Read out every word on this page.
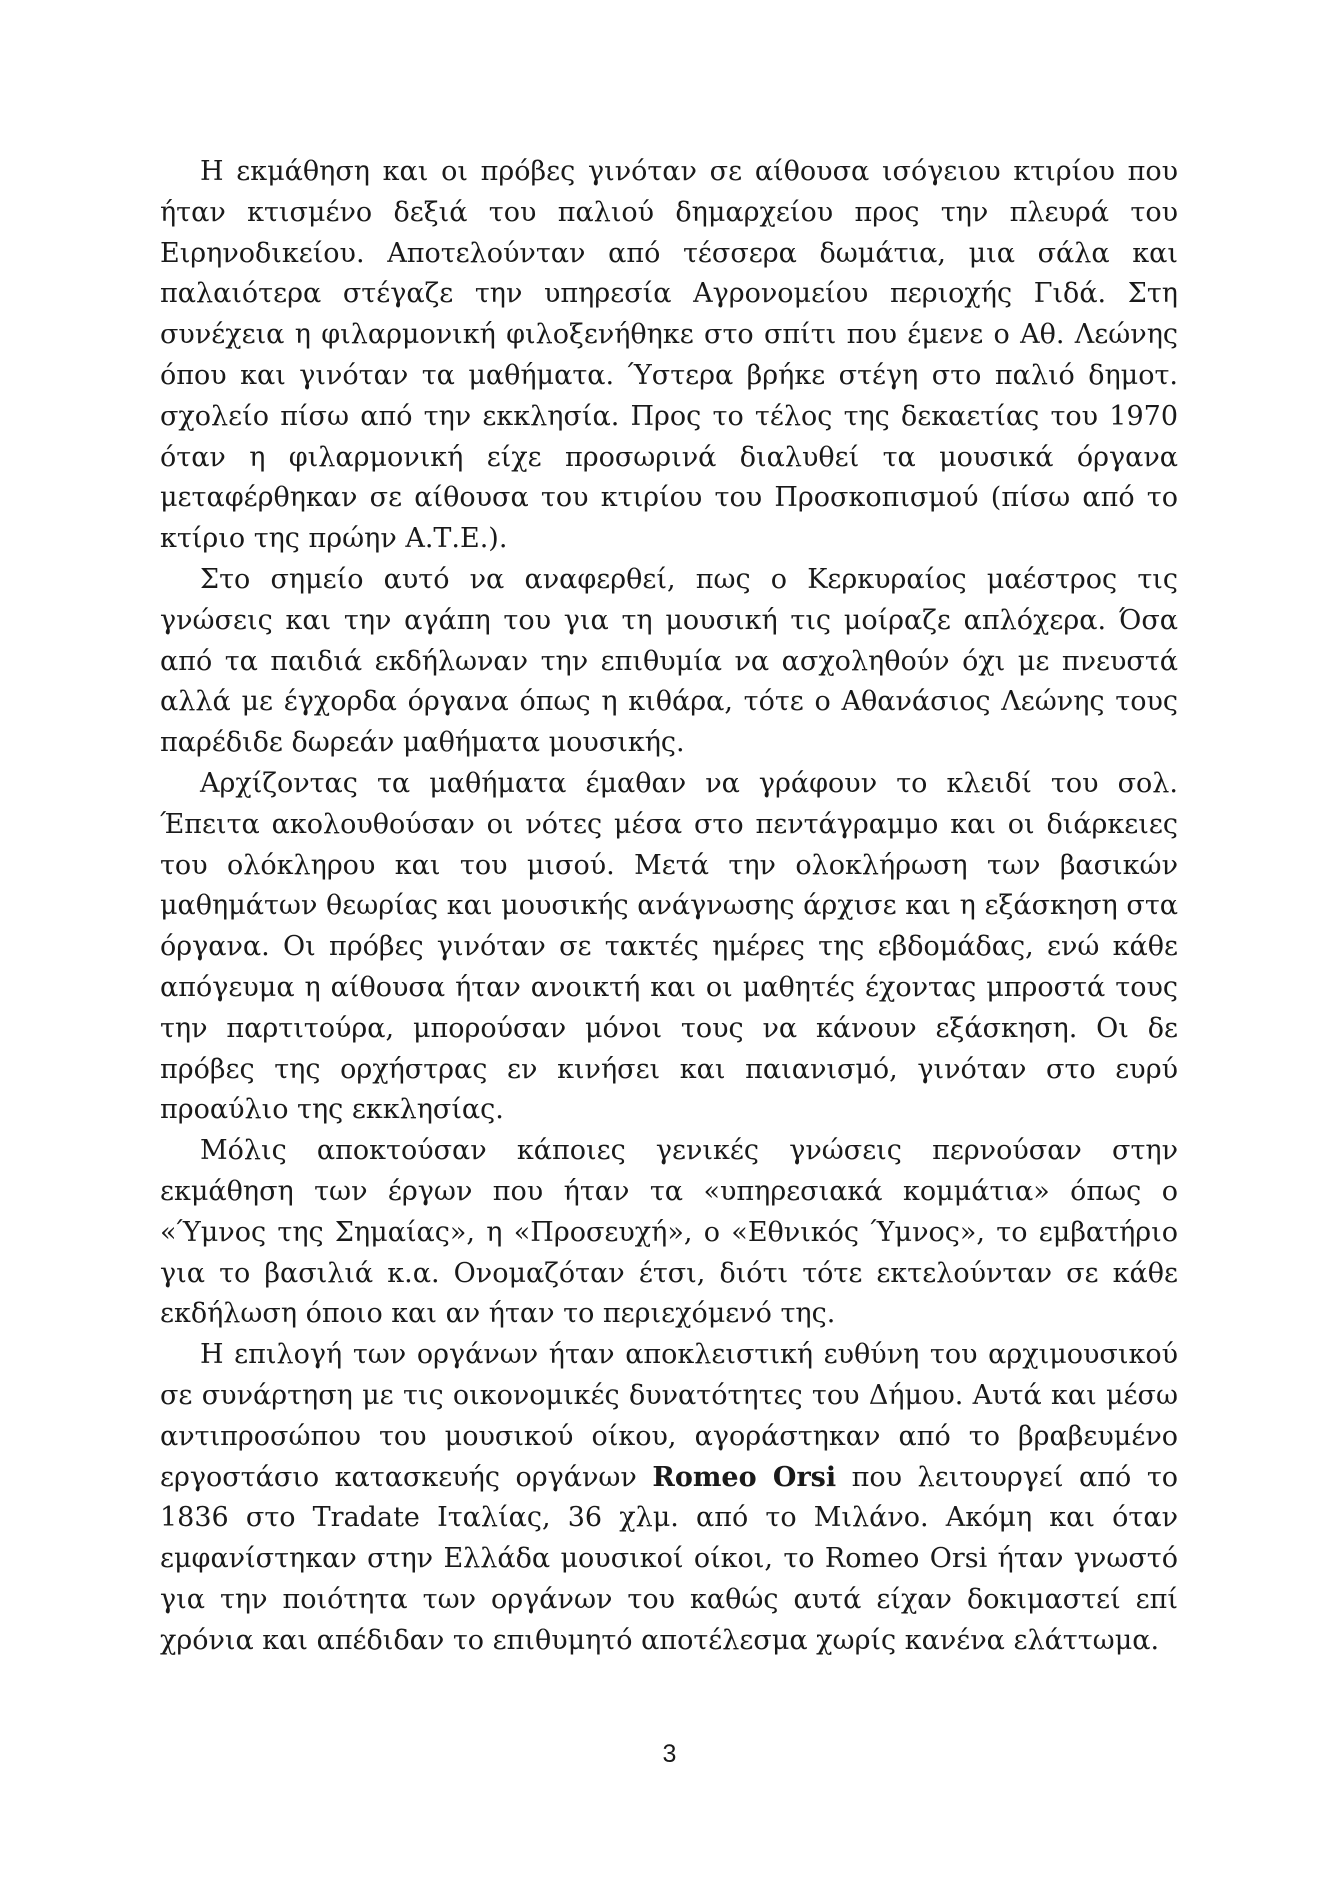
Η εκμάθηση και οι πρόβες γινόταν σε αίθουσα ισόγειου κτιρίου που ήταν κτισμένο δεξιά του παλιού δημαρχείου προς την πλευρά του Ειρηνοδικείου. Αποτελούνταν από τέσσερα δωμάτια, μια σάλα και παλαιότερα στέγαζε την υπηρεσία Αγρονομείου περιοχής Γιδά. Στη συνέχεια η φιλαρμονική φιλοξενήθηκε στο σπίτι που έμενε ο Αθ. Λεώνης όπου και γινόταν τα μαθήματα. Ύστερα βρήκε στέγη στο παλιό δημοτ. σχολείο πίσω από την εκκλησία. Προς το τέλος της δεκαετίας του 1970 όταν η φιλαρμονική είχε προσωρινά διαλυθεί τα μουσικά όργανα μεταφέρθηκαν σε αίθουσα του κτιρίου του Προσκοπισμού (πίσω από το κτίριο της πρώην Α.Τ.Ε.).

Στο σημείο αυτό να αναφερθεί, πως ο Κερκυραίος μαέστρος τις γνώσεις και την αγάπη του για τη μουσική τις μοίραζε απλόχερα. Όσα από τα παιδιά εκδήλωναν την επιθυμία να ασχοληθούν όχι με πνευστά αλλά με έγχορδα όργανα όπως η κιθάρα, τότε ο Αθανάσιος Λεώνης τους παρέδιδε δωρεάν μαθήματα μουσικής.

Αρχίζοντας τα μαθήματα έμαθαν να γράφουν το κλειδί του σολ. Έπειτα ακολουθούσαν οι νότες μέσα στο πεντάγραμμο και οι διάρκειες του ολόκληρου και του μισού. Μετά την ολοκλήρωση των βασικών μαθημάτων θεωρίας και μουσικής ανάγνωσης άρχισε και η εξάσκηση στα όργανα. Οι πρόβες γινόταν σε τακτές ημέρες της εβδομάδας, ενώ κάθε απόγευμα η αίθουσα ήταν ανοικτή και οι μαθητές έχοντας μπροστά τους την παρτιτούρα, μπορούσαν μόνοι τους να κάνουν εξάσκηση. Οι δε πρόβες της ορχήστρας εν κινήσει και παιανισμό, γινόταν στο ευρύ προαύλιο της εκκλησίας.

Μόλις αποκτούσαν κάποιες γενικές γνώσεις περνούσαν στην εκμάθηση των έργων που ήταν τα «υπηρεσιακά κομμάτια» όπως ο «Ύμνος της Σημαίας», η «Προσευχή», ο «Εθνικός Ύμνος», το εμβατήριο για το βασιλιά κ.α. Ονομαζόταν έτσι, διότι τότε εκτελούνταν σε κάθε εκδήλωση όποιο και αν ήταν το περιεχόμενό της.

Η επιλογή των οργάνων ήταν αποκλειστική ευθύνη του αρχιμουσικού σε συνάρτηση με τις οικονομικές δυνατότητες του Δήμου. Αυτά και μέσω αντιπροσώπου του μουσικού οίκου, αγοράστηκαν από το βραβευμένο εργοστάσιο κατασκευής οργάνων Romeo Orsi που λειτουργεί από το 1836 στο Tradate Ιταλίας, 36 χλμ. από το Μιλάνο. Ακόμη και όταν εμφανίστηκαν στην Ελλάδα μουσικοί οίκοι, το Romeo Orsi ήταν γνωστό για την ποιότητα των οργάνων του καθώς αυτά είχαν δοκιμαστεί επί χρόνια και απέδιδαν το επιθυμητό αποτέλεσμα χωρίς κανένα ελάττωμα.

3
